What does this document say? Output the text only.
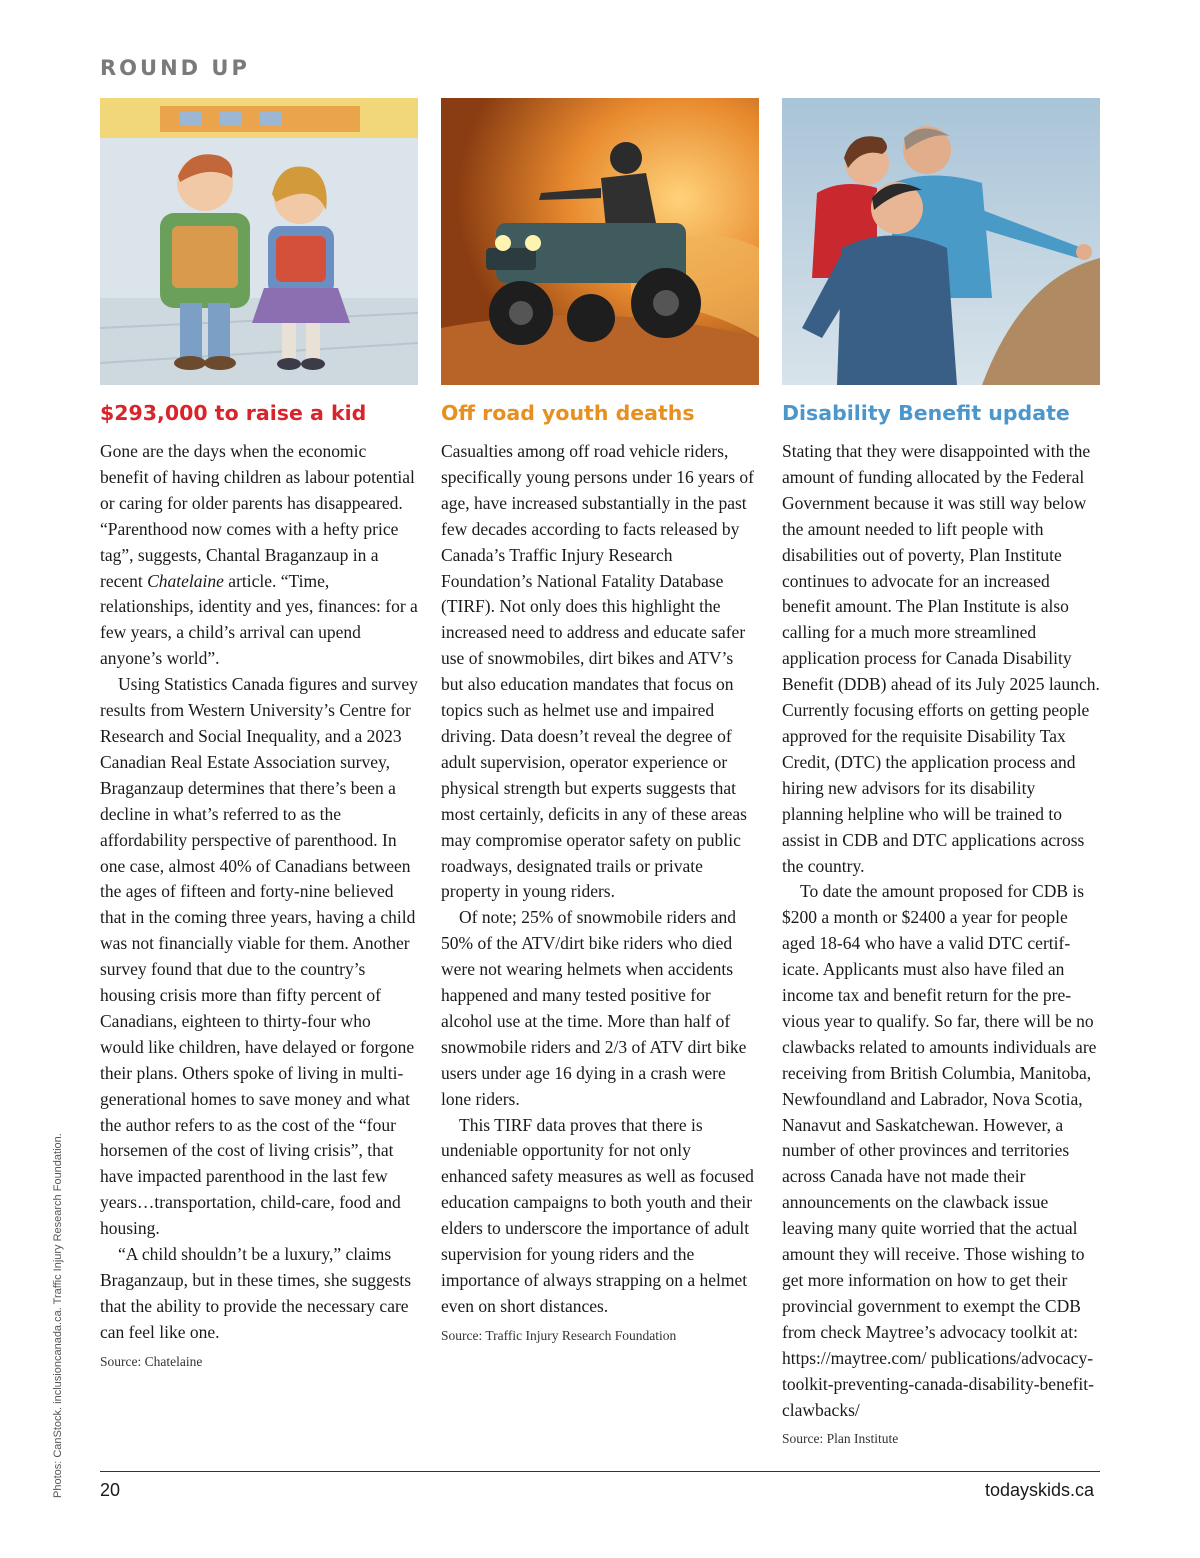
ROUND UP
$293,000 to raise a kid

Gone are the days when the economic benefit of having children as labour potential or caring for older parents has disappeared. “Parenthood now comes with a hefty price tag”, suggests, Chantal Braganzaup in a recent Chatelaine article. “Time, relationships, identity and yes, finances: for a few years, a child’s arrival can upend anyone’s world”.

Using Statistics Canada figures and survey results from Western University’s Centre for Research and Social Inequality, and a 2023 Canadian Real Estate Association survey, Braganzaup determines that there’s been a decline in what’s referred to as the affordability perspective of parenthood. In one case, almost 40% of Canadians between the ages of fifteen and forty-nine believed that in the coming three years, having a child was not financially viable for them. Another survey found that due to the country’s housing crisis more than fifty percent of Canadians, eighteen to thirty-four who would like children, have delayed or forgone their plans. Others spoke of living in multi-generational homes to save money and what the author refers to as the cost of the “four horsemen of the cost of living crisis”, that have impacted parenthood in the last few years…transportation, child-care, food and housing.

“A child shouldn’t be a luxury,” claims Braganzaup, but in these times, she suggests that the ability to provide the necessary care can feel like one.

Source: Chatelaine
Off road youth deaths

Casualties among off road vehicle riders, specifically young persons under 16 years of age, have increased substantially in the past few decades according to facts released by Canada’s Traffic Injury Research Foundation’s National Fatality Database (TIRF). Not only does this highlight the increased need to address and educate safer use of snowmobiles, dirt bikes and ATV’s but also education mandates that focus on topics such as helmet use and impaired driving. Data doesn’t reveal the degree of adult supervision, operator experience or physical strength but experts suggests that most certainly, deficits in any of these areas may compromise operator safety on public roadways, designated trails or private property in young riders.

Of note; 25% of snowmobile riders and 50% of the ATV/dirt bike riders who died were not wearing helmets when accidents happened and many tested positive for alcohol use at the time. More than half of snowmobile riders and 2/3 of ATV dirt bike users under age 16 dying in a crash were lone riders.

This TIRF data proves that there is undeniable opportunity for not only enhanced safety measures as well as focused education campaigns to both youth and their elders to underscore the importance of adult supervision for young riders and the importance of always strapping on a helmet even on short distances.

Source: Traffic Injury Research Foundation
Disability Benefit update

Stating that they were disappointed with the amount of funding allocated by the Federal Government because it was still way below the amount needed to lift people with disabilities out of poverty, Plan Institute continues to advocate for an increased benefit amount. The Plan Institute is also calling for a much more streamlined application process for Canada Disability Benefit (DDB) ahead of its July 2025 launch. Currently focusing efforts on getting people approved for the requisite Disability Tax Credit, (DTC) the application process and hiring new advisors for its disability planning helpline who will be trained to assist in CDB and DTC applications across the country.

To date the amount proposed for CDB is $200 a month or $2400 a year for people aged 18-64 who have a valid DTC certificate. Applicants must also have filed an income tax and benefit return for the previous year to qualify. So far, there will be no clawbacks related to amounts individuals are receiving from British Columbia, Manitoba, Newfoundland and Labrador, Nova Scotia, Nanavut and Saskatchewan. However, a number of other provinces and territories across Canada have not made their announcements on the clawback issue leaving many quite worried that the actual amount they will receive. Those wishing to get more information on how to get their provincial government to exempt the CDB from check Maytree’s advocacy toolkit at: https://maytree.com/ publications/advocacy-toolkit-preventing-canada-disability-benefit-clawbacks/

Source: Plan Institute
Photos: CanStock. inclusioncanada.ca. Traffic Injury Research Foundation. 20	todayskids.ca
